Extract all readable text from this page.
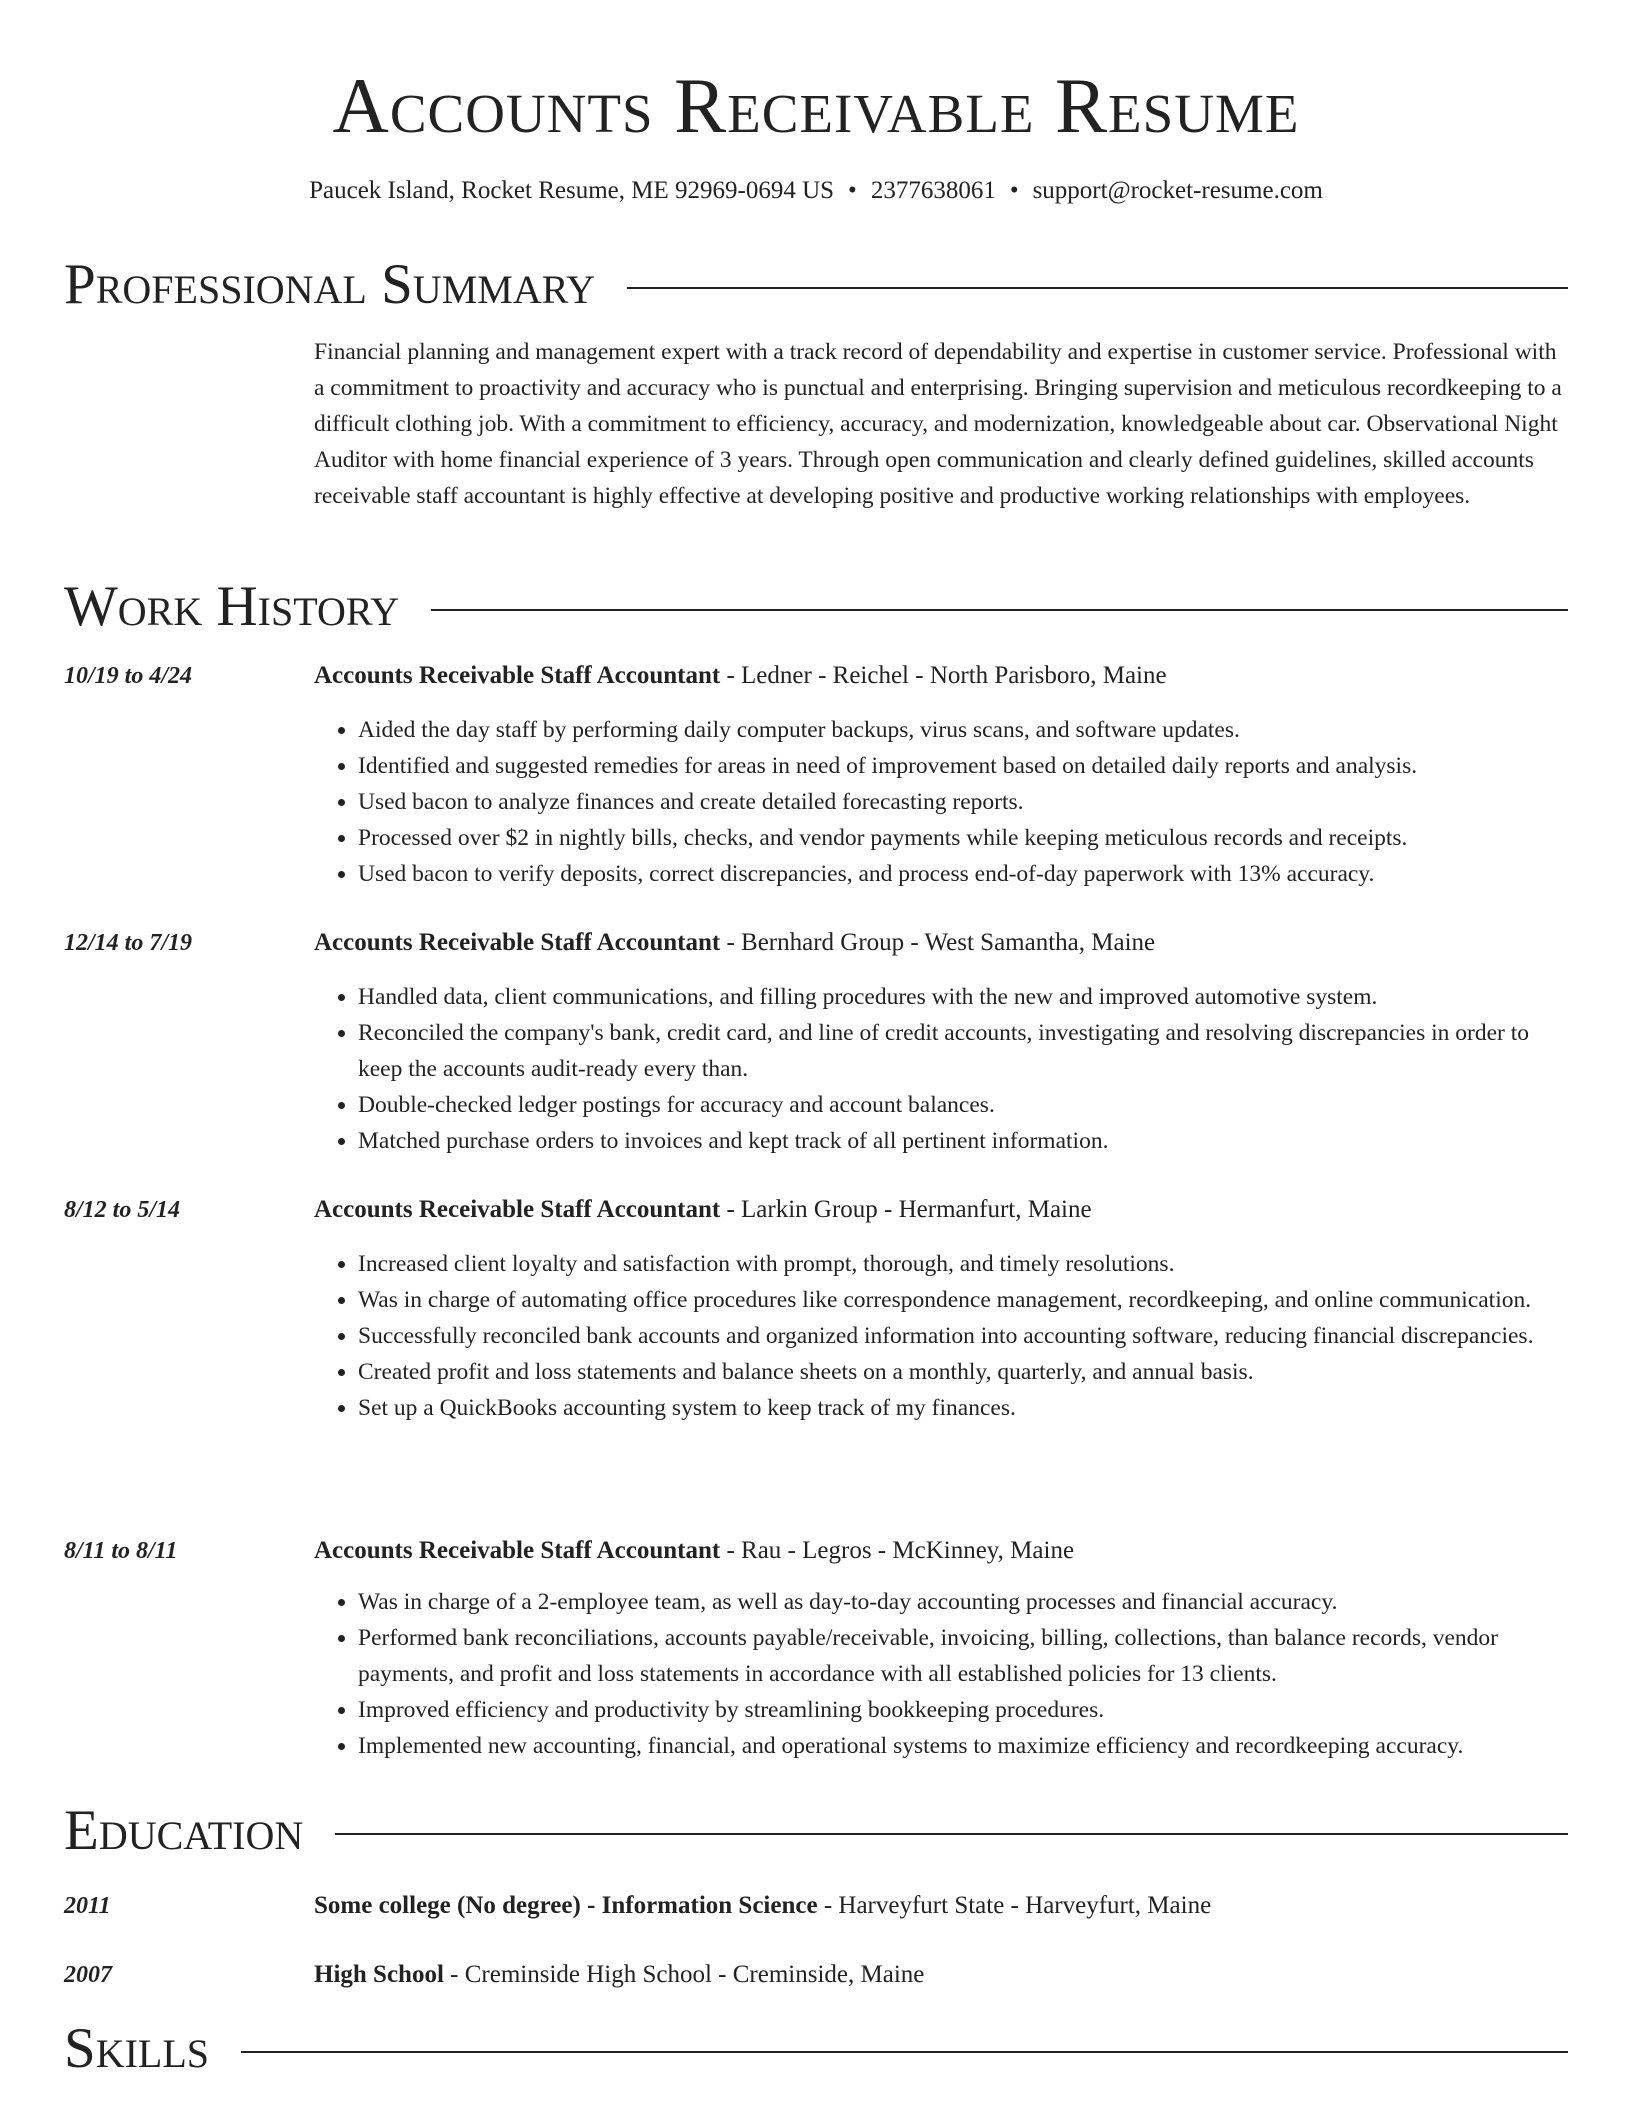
Accounts Receivable Resume
Paucek Island, Rocket Resume, ME 92969-0694 US • 2377638061 • support@rocket-resume.com
Professional Summary
Financial planning and management expert with a track record of dependability and expertise in customer service. Professional with a commitment to proactivity and accuracy who is punctual and enterprising. Bringing supervision and meticulous recordkeeping to a difficult clothing job. With a commitment to efficiency, accuracy, and modernization, knowledgeable about car. Observational Night Auditor with home financial experience of 3 years. Through open communication and clearly defined guidelines, skilled accounts receivable staff accountant is highly effective at developing positive and productive working relationships with employees.
Work History
10/19 to 4/24	Accounts Receivable Staff Accountant - Ledner - Reichel - North Parisboro, Maine
• Aided the day staff by performing daily computer backups, virus scans, and software updates.
• Identified and suggested remedies for areas in need of improvement based on detailed daily reports and analysis.
• Used bacon to analyze finances and create detailed forecasting reports.
• Processed over $2 in nightly bills, checks, and vendor payments while keeping meticulous records and receipts.
• Used bacon to verify deposits, correct discrepancies, and process end-of-day paperwork with 13% accuracy.
12/14 to 7/19	Accounts Receivable Staff Accountant - Bernhard Group - West Samantha, Maine
• Handled data, client communications, and filling procedures with the new and improved automotive system.
• Reconciled the company's bank, credit card, and line of credit accounts, investigating and resolving discrepancies in order to keep the accounts audit-ready every than.
• Double-checked ledger postings for accuracy and account balances.
• Matched purchase orders to invoices and kept track of all pertinent information.
8/12 to 5/14	Accounts Receivable Staff Accountant - Larkin Group - Hermanfurt, Maine
• Increased client loyalty and satisfaction with prompt, thorough, and timely resolutions.
• Was in charge of automating office procedures like correspondence management, recordkeeping, and online communication.
• Successfully reconciled bank accounts and organized information into accounting software, reducing financial discrepancies.
• Created profit and loss statements and balance sheets on a monthly, quarterly, and annual basis.
• Set up a QuickBooks accounting system to keep track of my finances.
8/11 to 8/11	Accounts Receivable Staff Accountant - Rau - Legros - McKinney, Maine
• Was in charge of a 2-employee team, as well as day-to-day accounting processes and financial accuracy.
• Performed bank reconciliations, accounts payable/receivable, invoicing, billing, collections, than balance records, vendor payments, and profit and loss statements in accordance with all established policies for 13 clients.
• Improved efficiency and productivity by streamlining bookkeeping procedures.
• Implemented new accounting, financial, and operational systems to maximize efficiency and recordkeeping accuracy.
Education
2011	Some college (No degree) - Information Science - Harveyfurt State - Harveyfurt, Maine
2007	High School - Creminside High School - Creminside, Maine
Skills
